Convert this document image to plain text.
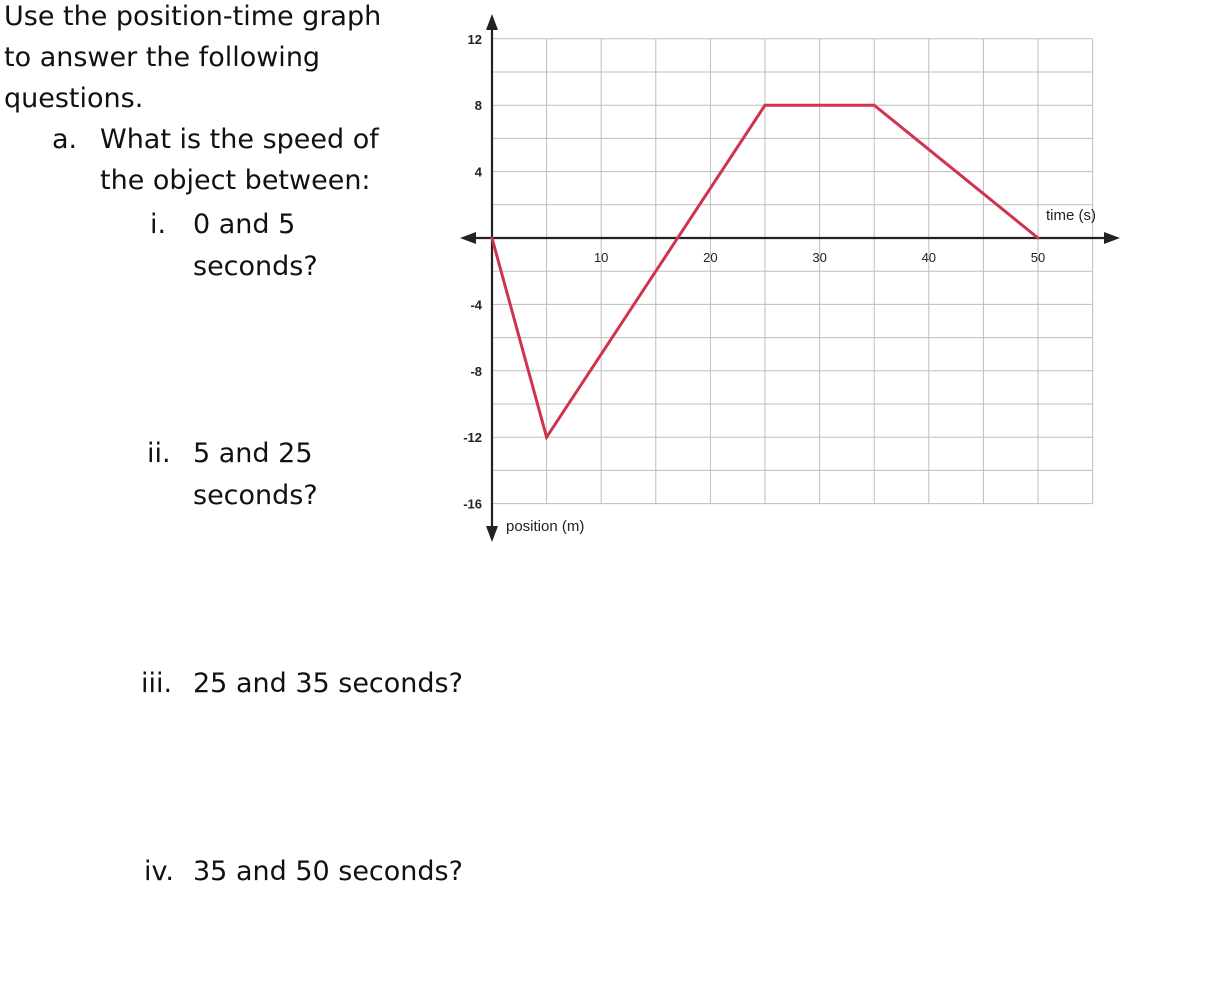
Use the position-time graph
to answer the following
questions.
a. What is the speed of
the object between:
i. 0 and 5
seconds?
ii. 5 and 25
seconds?
iii. 25 and 35 seconds?
iv. 35 and 50 seconds?
10	20	30	40	50
12
8
4
-4
-8
-12
-16
time (s)
position (m)
